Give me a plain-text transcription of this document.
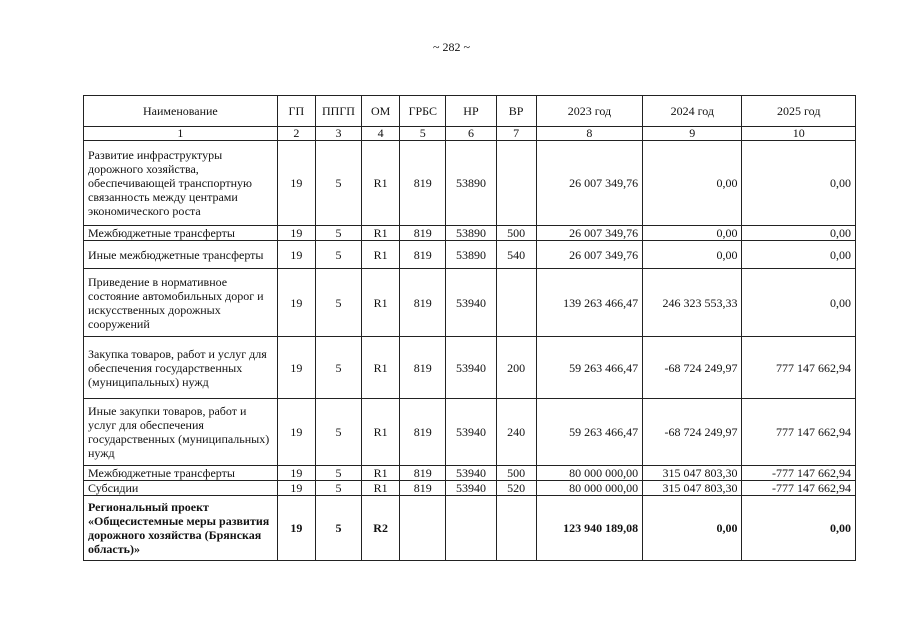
~ 282 ~
Наименование	ГП	ППГП	ОМ	ГРБС	НР	ВР	2023 год	2024 год	2025 год
1	2	3	4	5	6	7	8	9	10
Развитие инфраструктуры дорожного хозяйства, обеспечивающей транспортную связанность между центрами экономического роста	19	5	R1	819	53890		26 007 349,76	0,00	0,00
Межбюджетные трансферты	19	5	R1	819	53890	500	26 007 349,76	0,00	0,00
Иные межбюджетные трансферты	19	5	R1	819	53890	540	26 007 349,76	0,00	0,00
Приведение в нормативное состояние автомобильных дорог и искусственных дорожных сооружений	19	5	R1	819	53940		139 263 466,47	246 323 553,33	0,00
Закупка товаров, работ и услуг для обеспечения государственных (муниципальных) нужд	19	5	R1	819	53940	200	59 263 466,47	-68 724 249,97	777 147 662,94
Иные закупки товаров, работ и услуг для обеспечения государственных (муниципальных) нужд	19	5	R1	819	53940	240	59 263 466,47	-68 724 249,97	777 147 662,94
Межбюджетные трансферты	19	5	R1	819	53940	500	80 000 000,00	315 047 803,30	-777 147 662,94
Субсидии	19	5	R1	819	53940	520	80 000 000,00	315 047 803,30	-777 147 662,94
Региональный проект «Общесистемные меры развития дорожного хозяйства (Брянская область)»	19	5	R2				123 940 189,08	0,00	0,00
